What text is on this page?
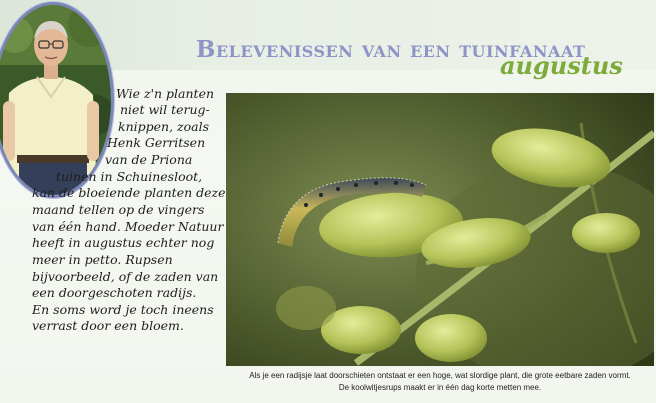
Belevenissen van een tuinfanaat
augustus
Wie z'n planten
niet wil terug-
knippen, zoals
Henk Gerritsen
van de Priona
tuinen in Schuinesloot,
kan de bloeiende planten deze
maand tellen op de vingers
van één hand. Moeder Natuur
heeft in augustus echter nog
meer in petto. Rupsen
bijvoorbeeld, of de zaden van
een doorgeschoten radijs.
En soms word je toch ineens
verrast door een bloem.
Als je een radijsje laat doorschieten ontstaat er een hoge, wat slordige plant, die grote eetbare zaden vormt.
De koolwitjesrups maakt er in één dag korte metten mee.
